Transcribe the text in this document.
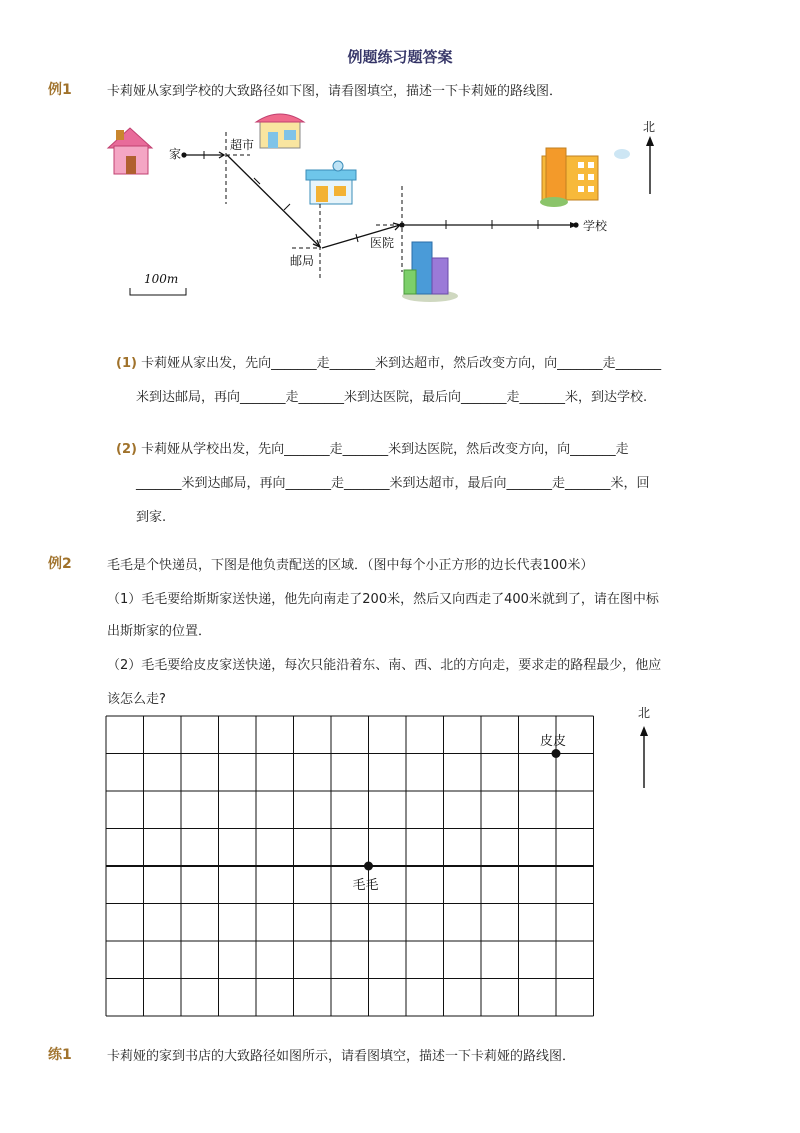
例题练习题答案
例1	卡莉娅从家到学校的大致路径如下图，请看图填空，描述一下卡莉娅的路线图．
家
超市
邮局
医院
学校
北
100m
(1) 卡莉娅从家出发，先向_______走_______米到达超市，然后改变方向，向_______走_______
米到达邮局，再向_______走_______米到达医院，最后向_______走_______米，到达学校.
(2) 卡莉娅从学校出发，先向_______走_______米到达医院，然后改变方向，向_______走
_______米到达邮局，再向_______走_______米到达超市，最后向_______走_______米，回
到家.
例2	毛毛是个快递员，下图是他负责配送的区域．（图中每个小正方形的边长代表100米）
（1）毛毛要给斯斯家送快递，他先向南走了200米，然后又向西走了400米就到了，请在图中标
出斯斯家的位置．
（2）毛毛要给皮皮家送快递，每次只能沿着东、南、西、北的方向走，要求走的路程最少，他应
该怎么走?
毛毛
皮皮
北
练1	卡莉娅的家到书店的大致路径如图所示，请看图填空，描述一下卡莉娅的路线图．
